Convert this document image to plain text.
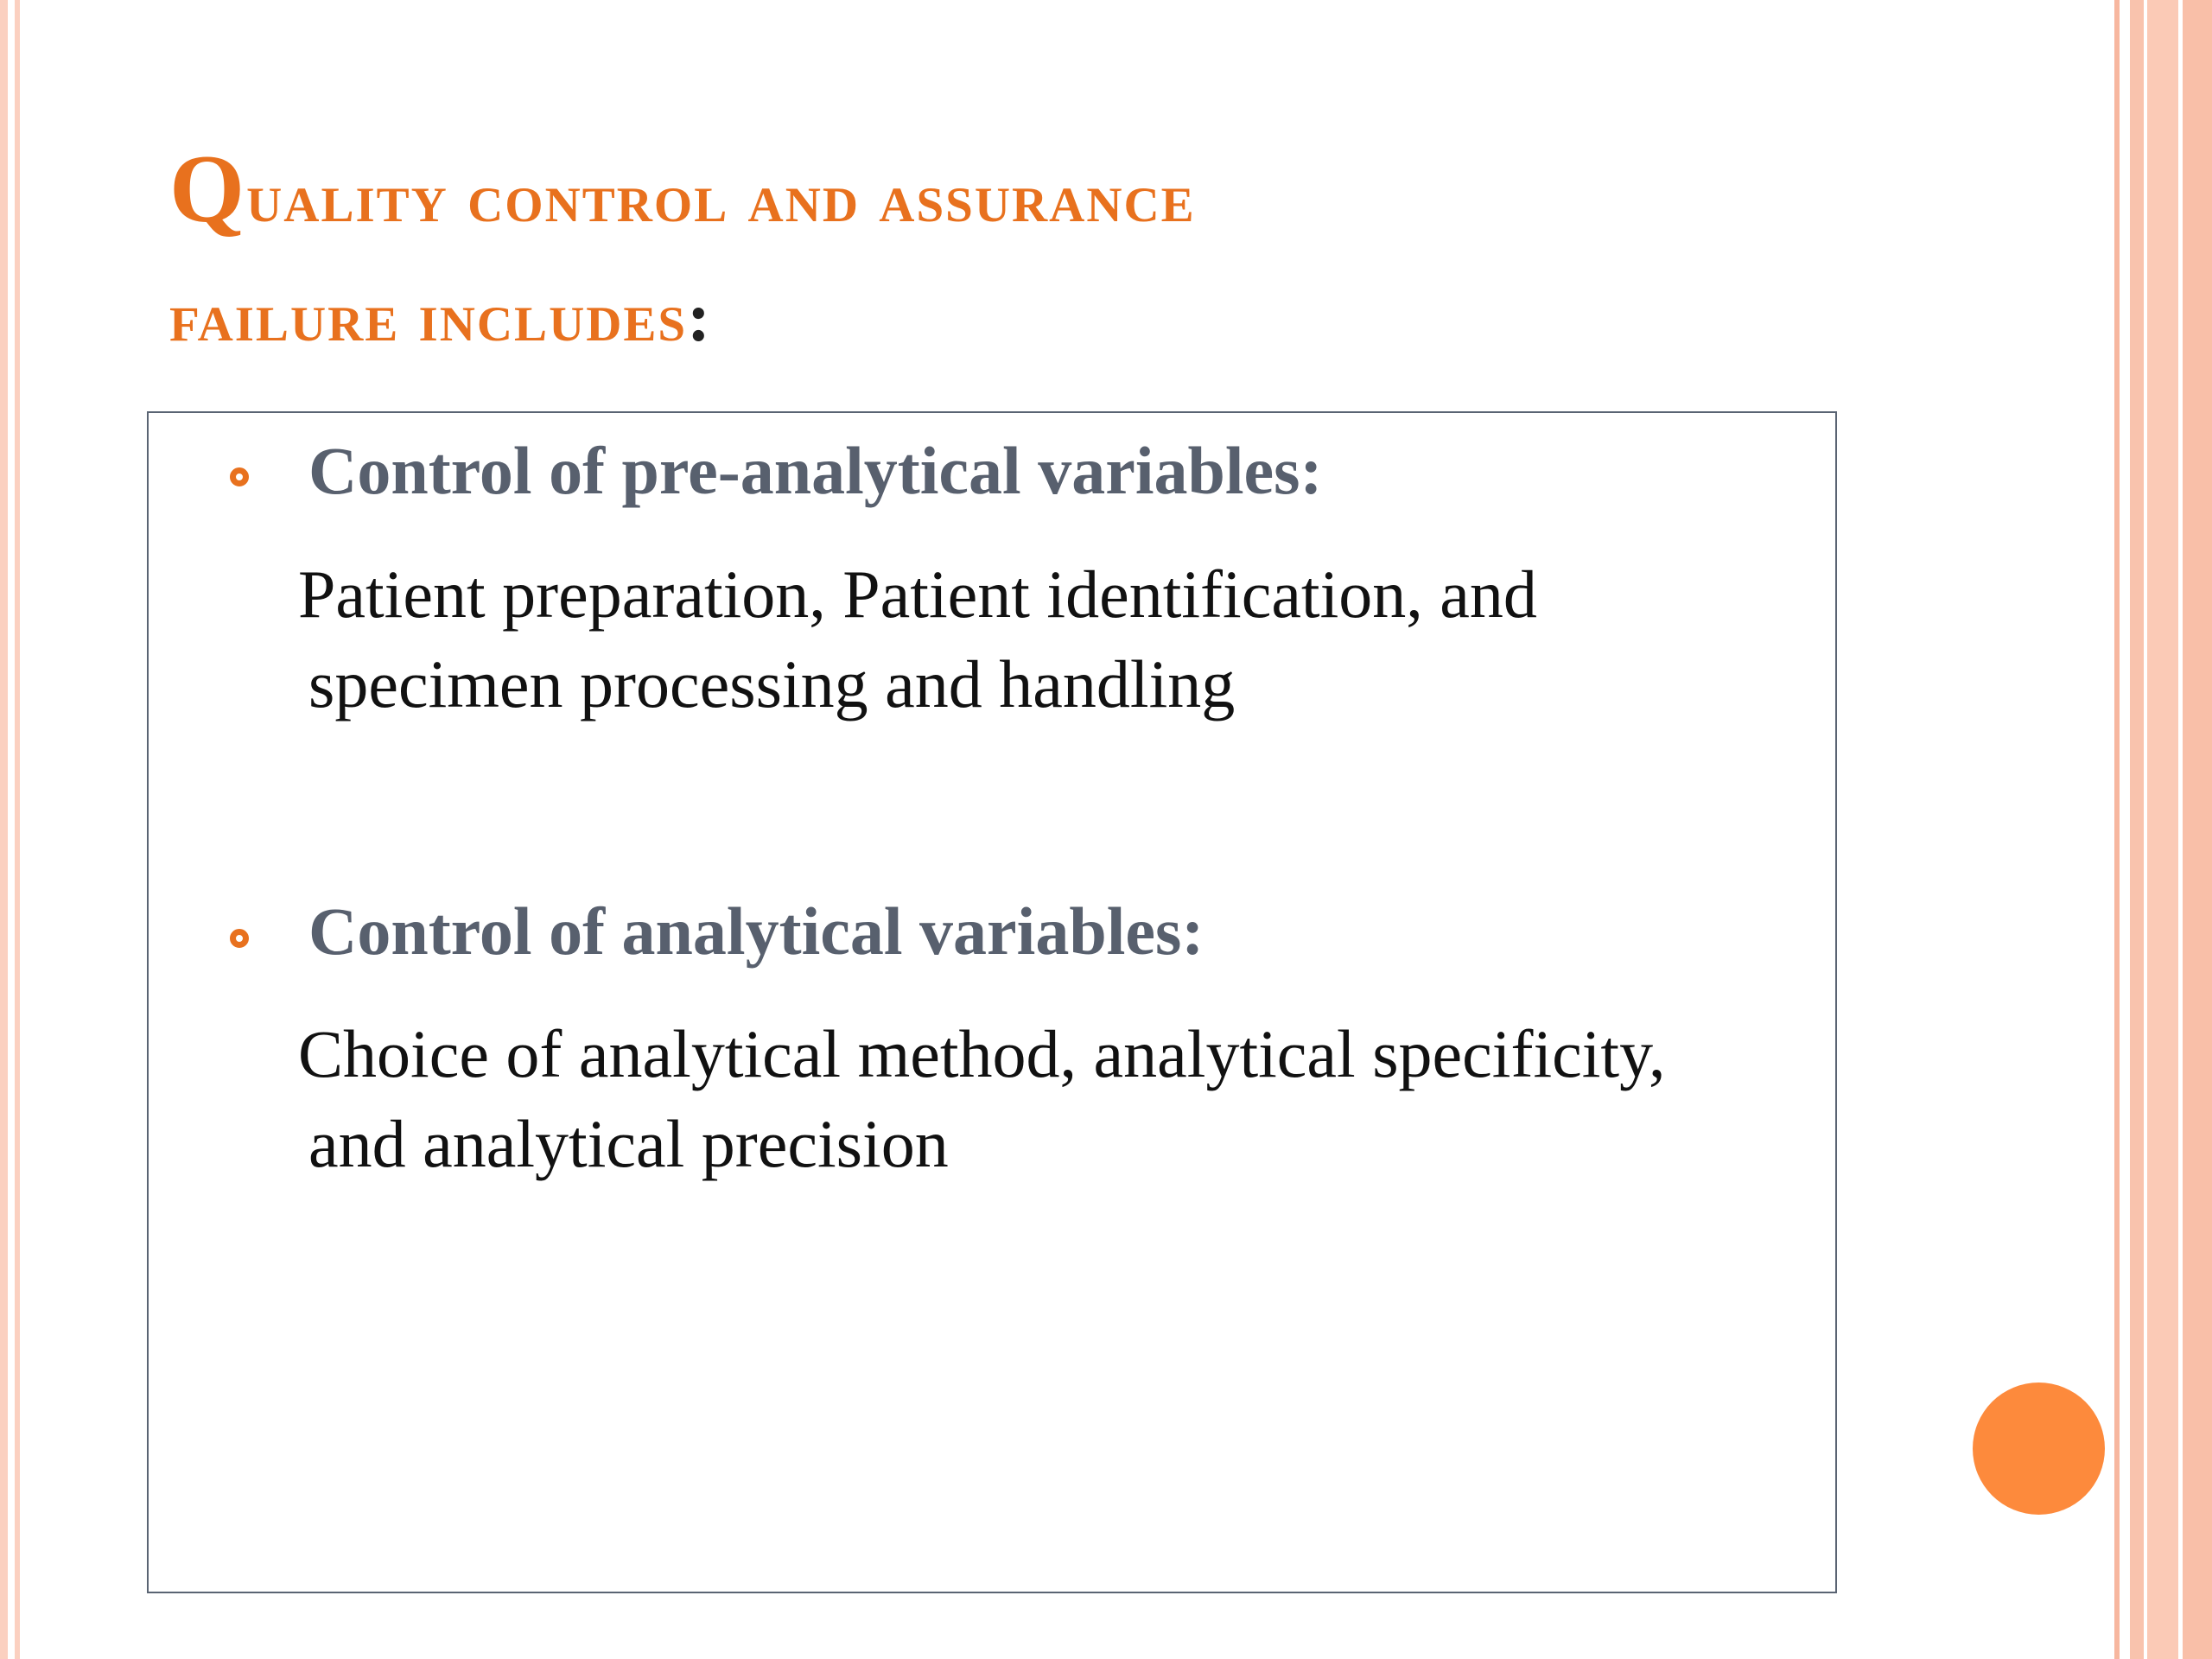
Quality control and assurance
failure includes:

Control of pre-analytical variables:

Patient preparation, Patient identification, and

specimen processing and handling

Control of analytical variables:

Choice of analytical method, analytical specificity,

and analytical precision
